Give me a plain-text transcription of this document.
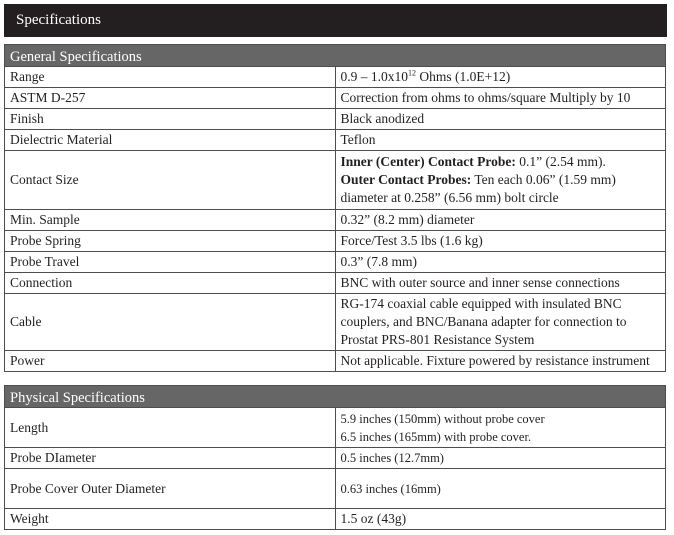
Specifications
General Specifications	
Range	$0.9 - 1.0x10^{12}$ Ohms (1.0E+12)
ASTM D-257	Correction from ohms to ohms/square Multiply by 10
Finish	Black anodized
Dielectric Material	Teflon
Contact Size	Inner (Center) Contact Probe: 0.1” (2.54 mm).
Outer Contact Probes: Ten each 0.06” (1.59 mm) diameter at 0.258” (6.56 mm) bolt circle

Min. Sample	0.32” (8.2 mm) diameter
Probe Spring	Force/Test 3.5 lbs (1.6 kg)
Probe Travel	0.3” (7.8 mm)
Connection	BNC with outer source and inner sense connections
Cable	RG-174 coaxial cable equipped with insulated BNC couplers, and BNC/Banana adapter for connection to Prostat PRS-801 Resistance System
Power	Not applicable. Fixture powered by resistance instrument
Physical Specifications	
Length	5.9 inches (150mm) without probe cover
6.5 inches (165mm) with probe cover.

Probe DIameter	0.5 inches (12.7mm)
Probe Cover Outer Diameter	0.63 inches (16mm)
Weight	1.5 oz (43g)
